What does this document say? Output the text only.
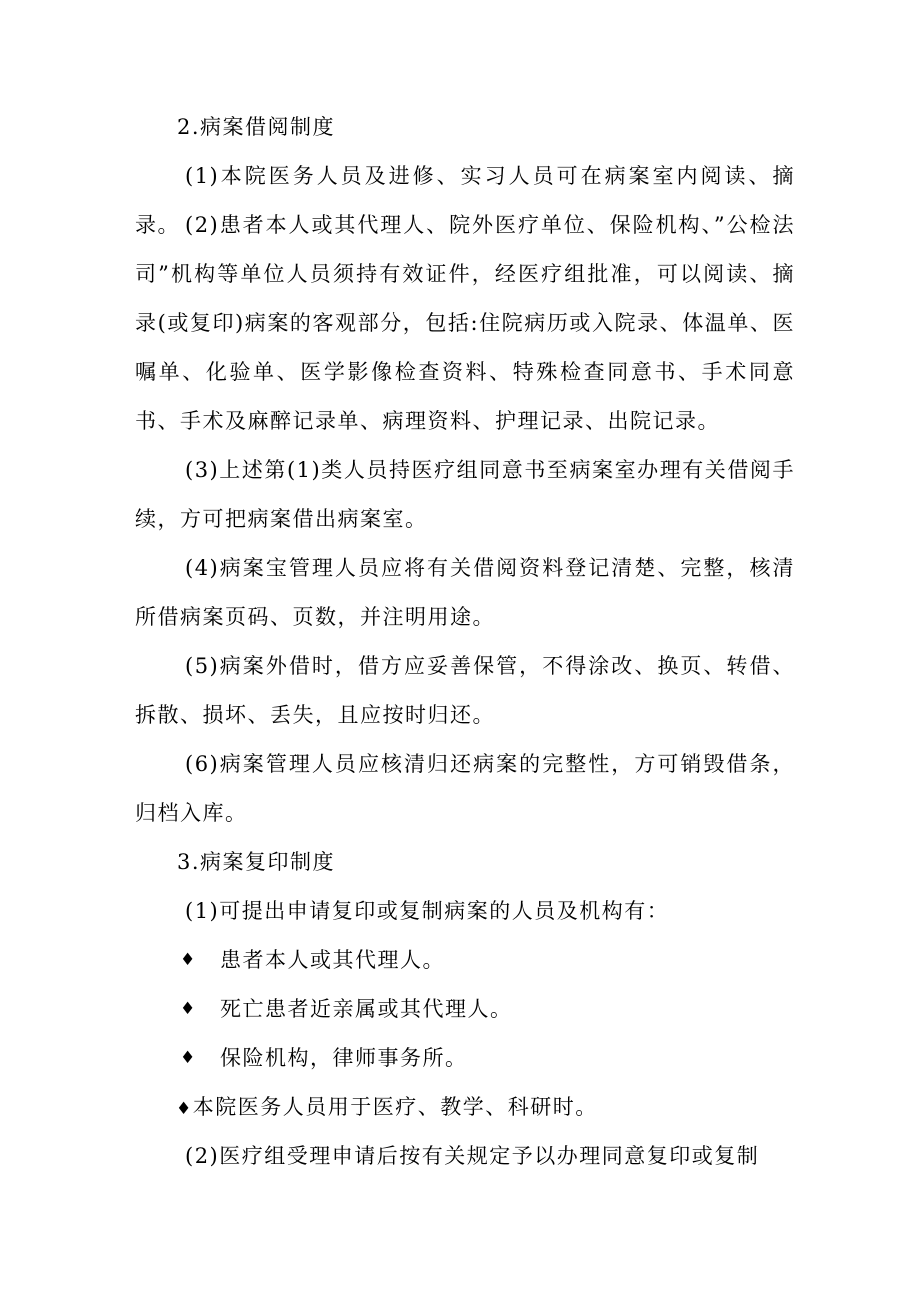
2.病案借阅制度

(1)本院医务人员及进修、实习人员可在病案室内阅读、摘录。 (2)患者本人或其代理人、院外医疗单位、保险机构、”公检法司”机构等单位人员须持有效证件，经医疗组批准，可以阅读、摘录(或复印)病案的客观部分，包括:住院病历或入院录、体温单、医嘱单、化验单、医学影像检查资料、特殊检查同意书、手术同意书、手术及麻醉记录单、病理资料、护理记录、出院记录。

(3)上述第(1)类人员持医疗组同意书至病案室办理有关借阅手续，方可把病案借出病案室。

(4)病案宝管理人员应将有关借阅资料登记清楚、完整，核清所借病案页码、页数，并注明用途。

(5)病案外借时，借方应妥善保管，不得涂改、换页、转借、拆散、损坏、丢失，且应按时归还。

(6)病案管理人员应核清归还病案的完整性，方可销毁借条，归档入库。

3.病案复印制度

(1)可提出申请复印或复制病案的人员及机构有：

♦	患者本人或其代理人。
♦	死亡患者近亲属或其代理人。
♦	保险机构，律师事务所。

♦本院医务人员用于医疗、教学、科研时。

(2)医疗组受理申请后按有关规定予以办理同意复印或复制
